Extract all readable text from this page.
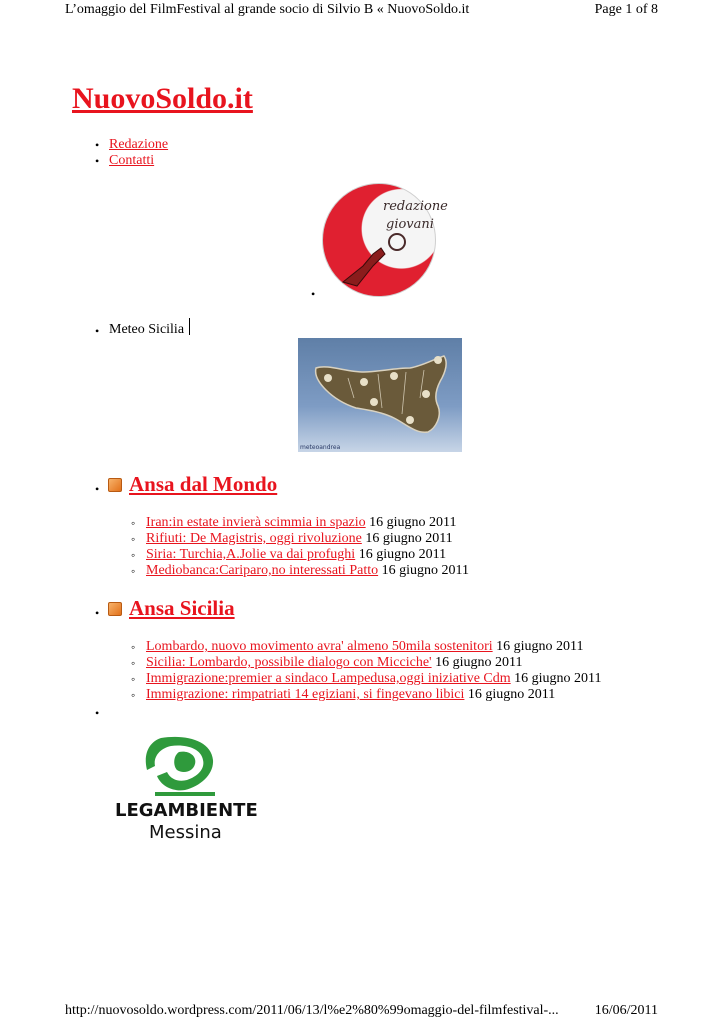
L’omaggio del FilmFestival al grande socio di Silvio B « NuovoSoldo.it	Page 1 of 8
NuovoSoldo.it
• Redazione
• Contatti
redazione
giovani
•
• Meteo Sicilia
meteoandrea
• Ansa dal Mondo
◦ Iran:in estate invierà scimmia in spazio 16 giugno 2011
◦ Rifiuti: De Magistris, oggi rivoluzione 16 giugno 2011
◦ Siria: Turchia,A.Jolie va dai profughi 16 giugno 2011
◦ Mediobanca:Cariparo,no interessati Patto 16 giugno 2011
• Ansa Sicilia
◦ Lombardo, nuovo movimento avra' almeno 50mila sostenitori 16 giugno 2011
◦ Sicilia: Lombardo, possibile dialogo con Micciche' 16 giugno 2011
◦ Immigrazione:premier a sindaco Lampedusa,oggi iniziative Cdm 16 giugno 2011
◦ Immigrazione: rimpatriati 14 egiziani, si fingevano libici 16 giugno 2011
•
LEGAMBIENTE
Messina
http://nuovosoldo.wordpress.com/2011/06/13/l%e2%80%99omaggio-del-filmfestival-...	16/06/2011
